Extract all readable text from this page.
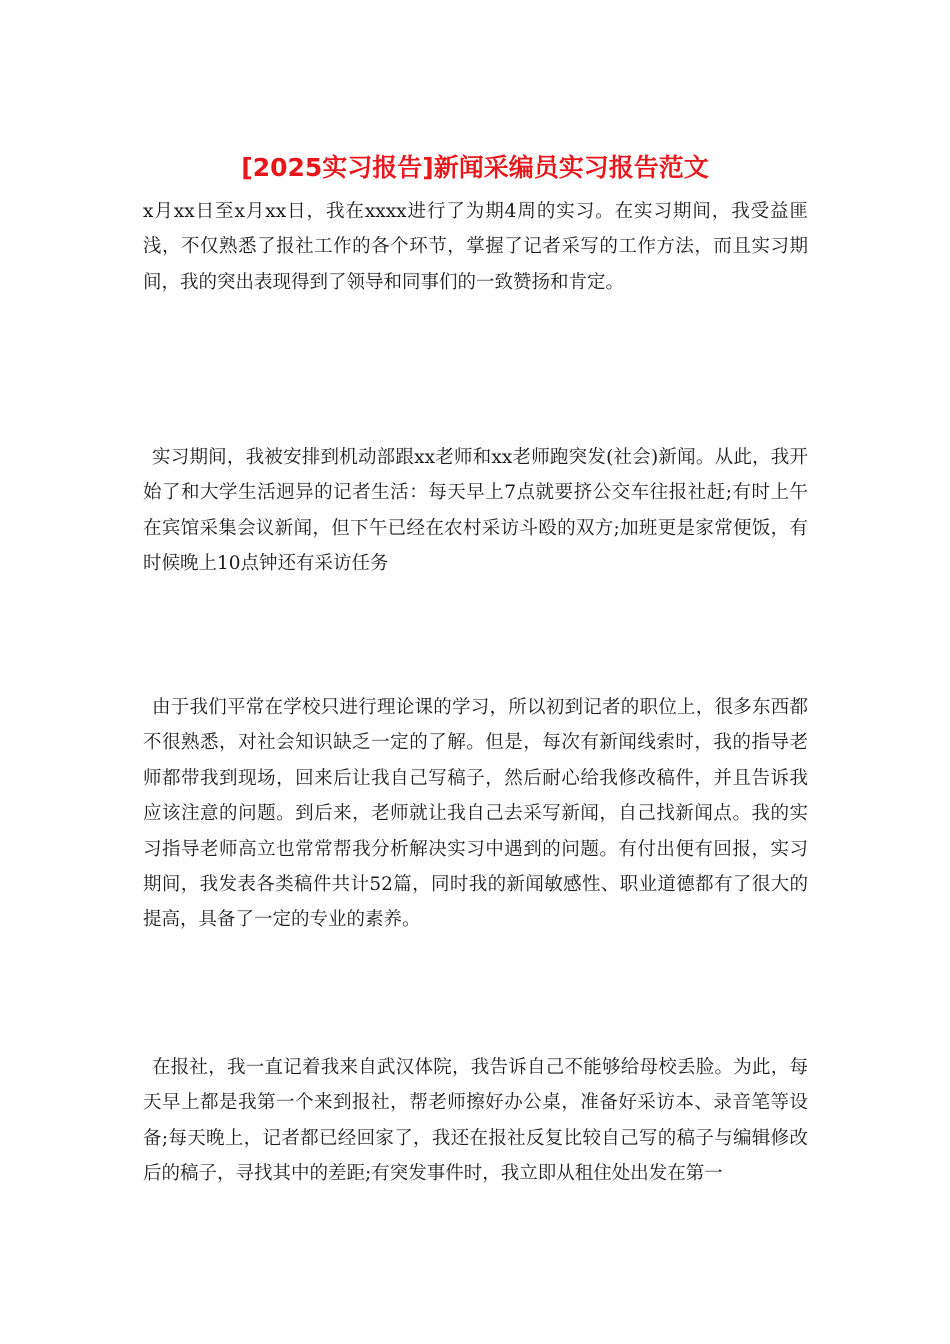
[2025实习报告]新闻采编员实习报告范文

x月xx日至x月xx日，我在xxxx进行了为期4周的实习。在实习期间，我受益匪浅，不仅熟悉了报社工作的各个环节，掌握了记者采写的工作方法，而且实习期间，我的突出表现得到了领导和同事们的一致赞扬和肯定。

实习期间，我被安排到机动部跟xx老师和xx老师跑突发(社会)新闻。从此，我开始了和大学生活迥异的记者生活：每天早上7点就要挤公交车往报社赶;有时上午在宾馆采集会议新闻，但下午已经在农村采访斗殴的双方;加班更是家常便饭，有时候晚上10点钟还有采访任务

由于我们平常在学校只进行理论课的学习，所以初到记者的职位上，很多东西都不很熟悉，对社会知识缺乏一定的了解。但是，每次有新闻线索时，我的指导老师都带我到现场，回来后让我自己写稿子，然后耐心给我修改稿件，并且告诉我应该注意的问题。到后来，老师就让我自己去采写新闻，自己找新闻点。我的实习指导老师高立也常常帮我分析解决实习中遇到的问题。有付出便有回报，实习期间，我发表各类稿件共计52篇，同时我的新闻敏感性、职业道德都有了很大的提高，具备了一定的专业的素养。

在报社，我一直记着我来自武汉体院，我告诉自己不能够给母校丢脸。为此，每天早上都是我第一个来到报社，帮老师擦好办公桌，准备好采访本、录音笔等设备;每天晚上，记者都已经回家了，我还在报社反复比较自己写的稿子与编辑修改后的稿子，寻找其中的差距;有突发事件时，我立即从租住处出发在第一
